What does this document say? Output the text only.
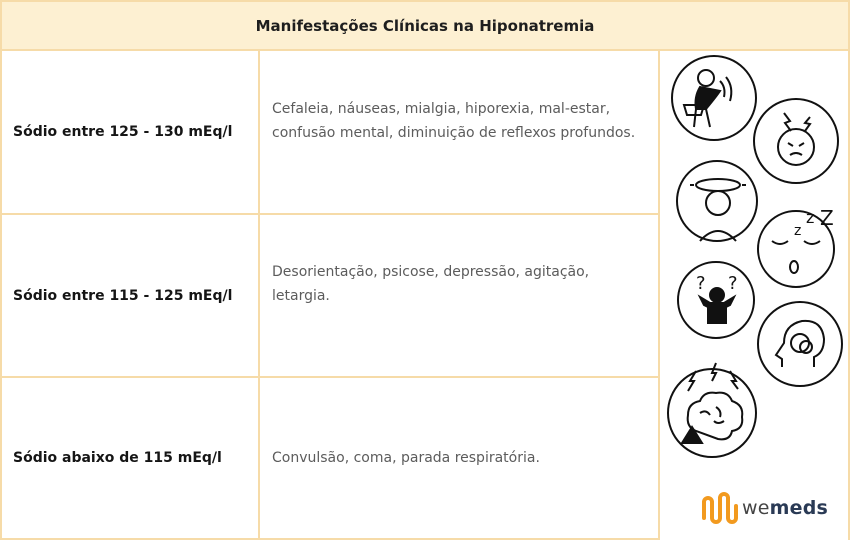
Manifestações Clínicas na Hiponatremia
Sódio entre 125 - 130 mEq/l
Cefaleia, náuseas, mialgia, hiporexia, mal-estar, confusão mental, diminuição de reflexos profundos.
Sódio entre 115 - 125 mEq/l
Desorientação, psicose, depressão, agitação, letargia.
Sódio abaixo de 115 mEq/l	Convulsão, coma, parada respiratória.
z
z Z
? ?
wemeds
